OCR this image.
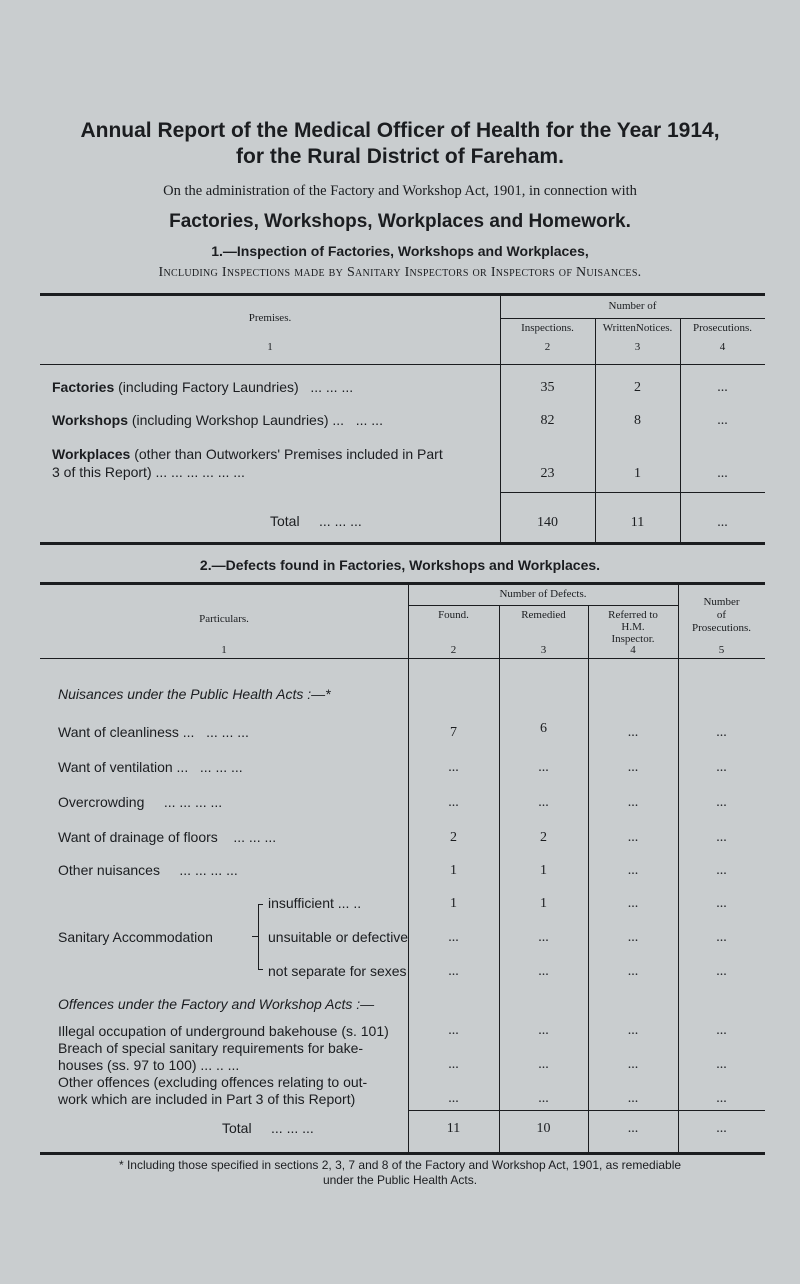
Annual Report of the Medical Officer of Health for the Year 1914,
for the Rural District of Fareham.
On the administration of the Factory and Workshop Act, 1901, in connection with
Factories, Workshops, Workplaces and Homework.
1.—Inspection of Factories, Workshops and Workplaces,
Including Inspections made by Sanitary Inspectors or Inspectors of Nuisances.
Premises.
1
Number of
Inspections.	WrittenNotices.	Prosecutions.
2	3	4
Factories (including Factory Laundries) ... ... ...	35	2	...
Workshops (including Workshop Laundries) ... ... ...	82	8	...
Workplaces (other than Outworkers' Premises included in Part
3 of this Report) ... ... ... ... ... ...	23	1	...
Total ... ... ...	140	11	...
2.—Defects found in Factories, Workshops and Workplaces.
Particulars.
1
Number of Defects.
Found.	Remedied	Referred to
H.M.
Inspector.
2	3	4
Number
of
Prosecutions.
5
Nuisances under the Public Health Acts :—*
Want of cleanliness ... ... ... ...	7	6	...	...
Want of ventilation ... ... ... ...	...	...	...	...
Overcrowding ... ... ... ...	...	...	...	...
Want of drainage of floors ... ... ...	2	2	...	...
Other nuisances ... ... ... ...	1	1	...	...
Sanitary Accommodation
insufficient ... ..	1	1	...	...
unsuitable or defective	...	...	...	...
not separate for sexes	...	...	...	...
Offences under the Factory and Workshop Acts :—
Illegal occupation of underground bakehouse (s. 101)	...	...	...	...
Breach of special sanitary requirements for bake-
houses (ss. 97 to 100) ... .. ...	...	...	...	...
Other offences (excluding offences relating to out-
work which are included in Part 3 of this Report)	...	...	...	...
Total ... ... ...	11	10	...	...
* Including those specified in sections 2, 3, 7 and 8 of the Factory and Workshop Act, 1901, as remediable
under the Public Health Acts.
